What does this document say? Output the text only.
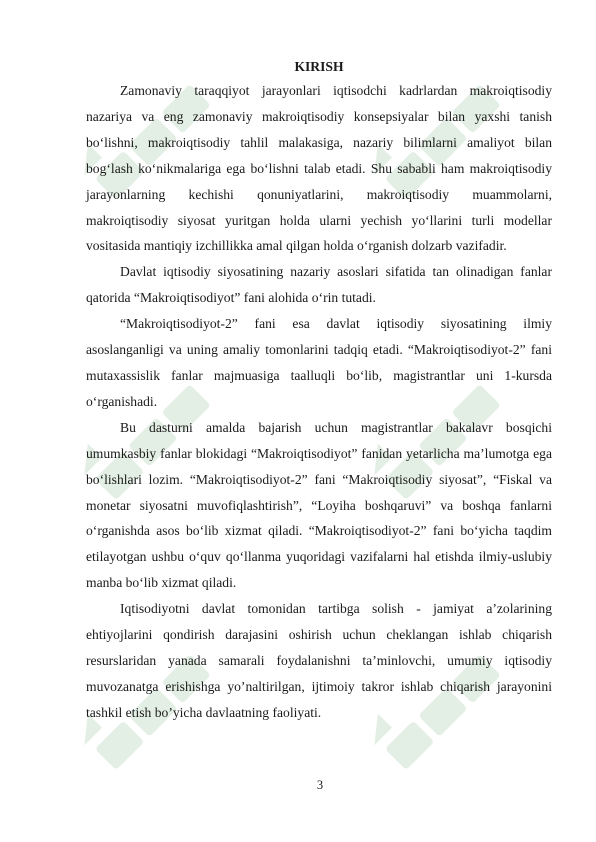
KIRISH

Zamonaviy taraqqiyot jarayonlari iqtisodchi kadrlardan makroiqtisodiy nazariya va eng zamonaviy makroiqtisodiy konsepsiyalar bilan yaxshi tanish bo‘lishni, makroiqtisodiy tahlil malakasiga, nazariy bilimlarni amaliyot bilan bog‘lash ko‘nikmalariga ega bo‘lishni talab etadi. Shu sababli ham makroiqtisodiy jarayonlarning kechishi qonuniyatlarini, makroiqtisodiy muammolarni, makroiqtisodiy siyosat yuritgan holda ularni yechish yo‘llarini turli modellar vositasida mantiqiy izchillikka amal qilgan holda o‘rganish dolzarb vazifadir.

Davlat iqtisodiy siyosatining nazariy asoslari sifatida tan olinadigan fanlar qatorida “Makroiqtisodiyot” fani alohida o‘rin tutadi.

“Makroiqtisodiyot-2” fani esa davlat iqtisodiy siyosatining ilmiy asoslanganligi va uning amaliy tomonlarini tadqiq etadi. “Makroiqtisodiyot-2” fani mutaxassislik fanlar majmuasiga taalluqli bo‘lib, magistrantlar uni 1-kursda o‘rganishadi.

Bu dasturni amalda bajarish uchun magistrantlar bakalavr bosqichi umumkasbiy fanlar blokidagi “Makroiqtisodiyot” fanidan yetarlicha ma’lumotga ega bo‘lishlari lozim. “Makroiqtisodiyot-2” fani “Makroiqtisodiy siyosat”, “Fiskal va monetar siyosatni muvofiqlashtirish”, “Loyiha boshqaruvi” va boshqa fanlarni o‘rganishda asos bo‘lib xizmat qiladi. “Makroiqtisodiyot-2” fani bo‘yicha taqdim etilayotgan ushbu o‘quv qo‘llanma yuqoridagi vazifalarni hal etishda ilmiy-uslubiy manba bo‘lib xizmat qiladi.

Iqtisodiyotni davlat tomonidan tartibga solish - jamiyat a’zolarining ehtiyojlarini qondirish darajasini oshirish uchun cheklangan ishlab chiqarish resurslaridan yanada samarali foydalanishni ta’minlovchi, umumiy iqtisodiy muvozanatga erishishga yo’naltirilgan, ijtimoiy takror ishlab chiqarish jarayonini tashkil etish bo’yicha davlaatning faoliyati.

3
